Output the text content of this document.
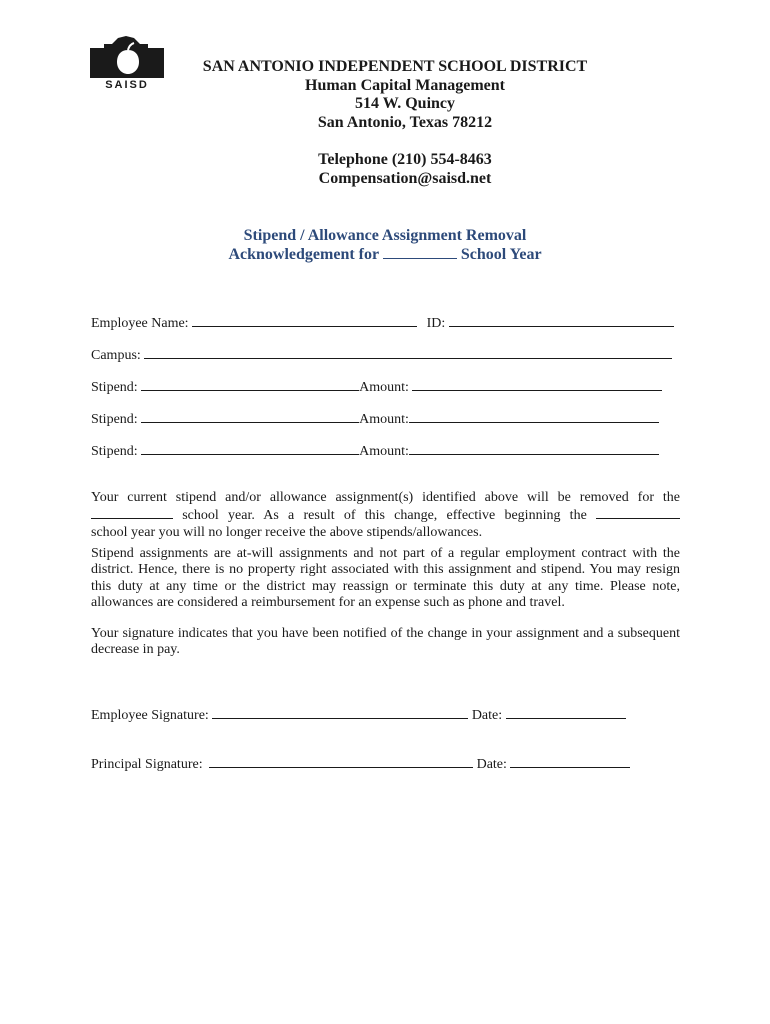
SAISD
SAN ANTONIO INDEPENDENT SCHOOL DISTRICT
Human Capital Management
514 W. Quincy
San Antonio, Texas 78212
Telephone (210) 554-8463
Compensation@saisd.net
Stipend / Allowance Assignment Removal
Acknowledgement for	School Year
Employee Name:	ID:
Campus:
Stipend:	Amount:
Stipend:	Amount:
Stipend:	Amount:

Your current stipend and/or allowance assignment(s) identified above will be removed for the

school year. As a result of this change, effective beginning the

school year you will no longer receive the above stipends/allowances.

Stipend assignments are at-will assignments and not part of a regular employment contract with the district. Hence, there is no property right associated with this assignment and stipend. You may resign this duty at any time or the district may reassign or terminate this duty at any time. Please note, allowances are considered a reimbursement for an expense such as phone and travel.

Your signature indicates that you have been notified of the change in your assignment and a subsequent decrease in pay.

Employee Signature:	Date:
Principal Signature:	Date:
